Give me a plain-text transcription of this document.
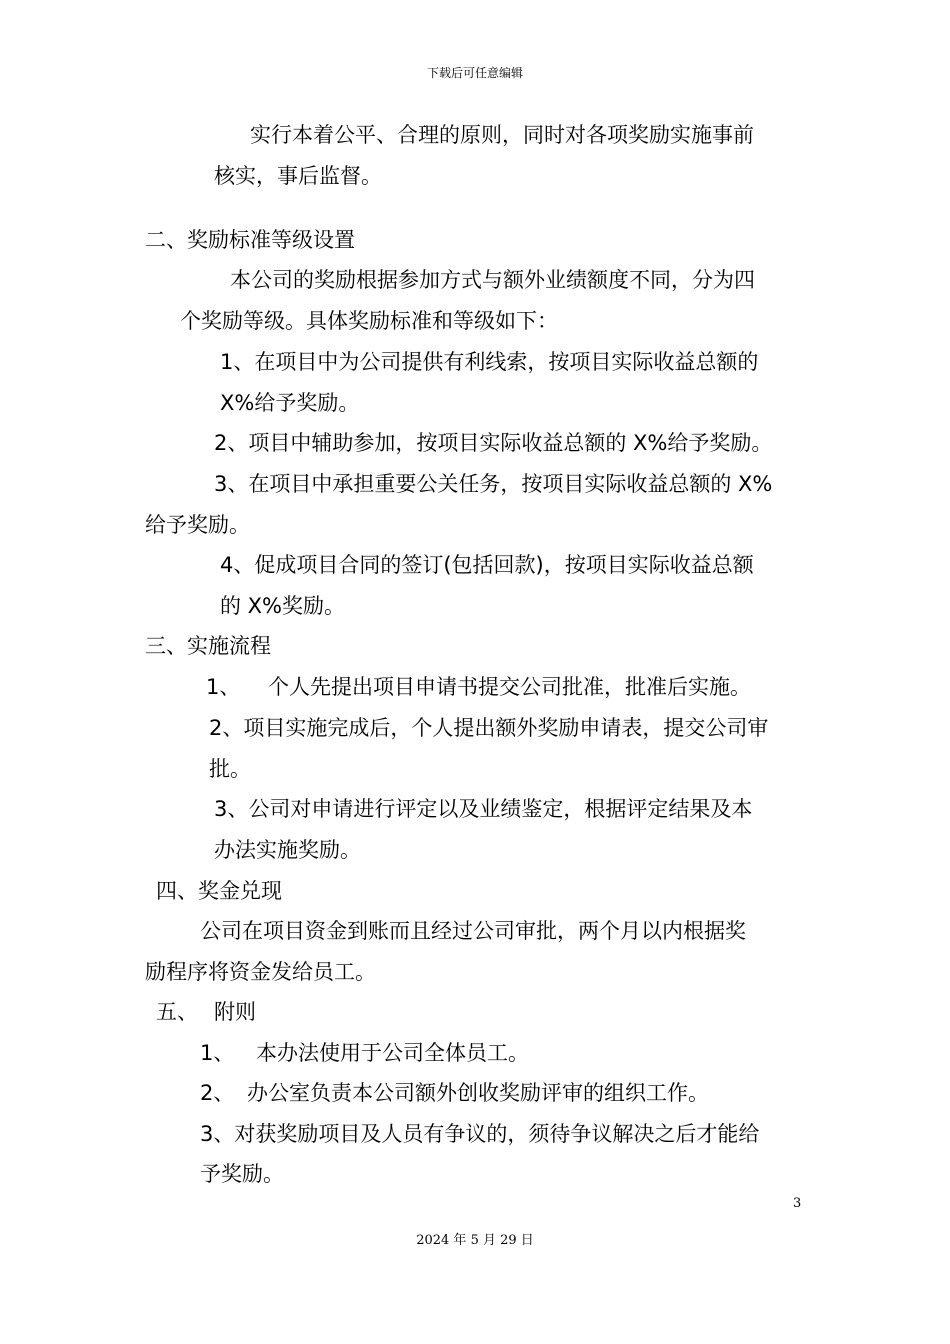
下载后可任意编辑
实行本着公平、合理的原则，同时对各项奖励实施事前
核实，事后监督。
二、奖励标准等级设置
本公司的奖励根据参加方式与额外业绩额度不同，分为四
个奖励等级。具体奖励标准和等级如下：
1、在项目中为公司提供有利线索，按项目实际收益总额的
X%给予奖励。
2、项目中辅助参加，按项目实际收益总额的 X%给予奖励。
3、在项目中承担重要公关任务，按项目实际收益总额的 X%
给予奖励。
4、促成项目合同的签订(包括回款)，按项目实际收益总额
的 X%奖励。
三、实施流程
1、 个人先提出项目申请书提交公司批准，批准后实施。
2、项目实施完成后，个人提出额外奖励申请表，提交公司审
批。
3、公司对申请进行评定以及业绩鉴定，根据评定结果及本
办法实施奖励。
四、奖金兑现
公司在项目资金到账而且经过公司审批，两个月以内根据奖
励程序将资金发给员工。
五、 附则
1、 本办法使用于公司全体员工。
2、 办公室负责本公司额外创收奖励评审的组织工作。
3、对获奖励项目及人员有争议的，须待争议解决之后才能给
予奖励。
3
2024 年 5 月 29 日
